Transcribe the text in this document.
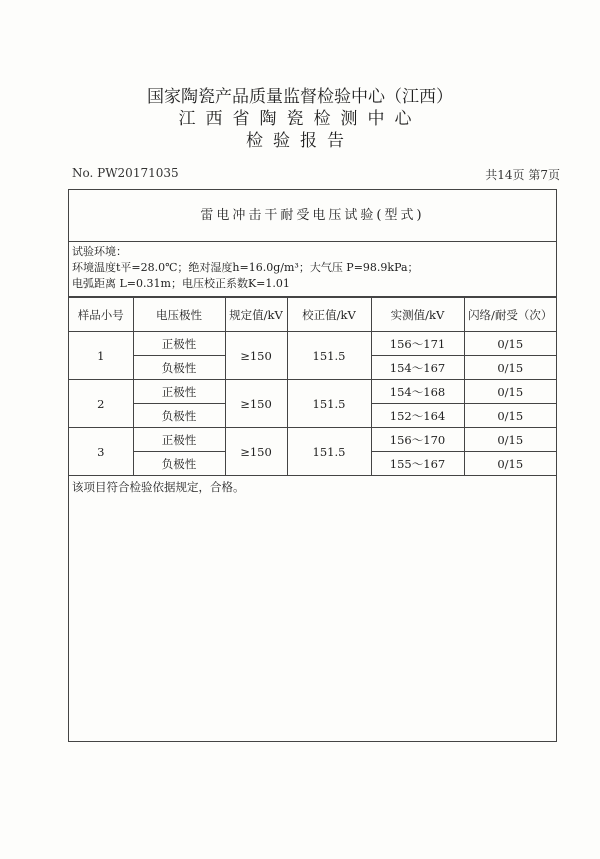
国家陶瓷产品质量监督检验中心（江西）
江西省陶瓷检测中心
检验报告
No. PW20171035	共14页 第7页
雷电冲击干耐受电压试验(型式)
试验环境：
环境温度t平=28.0℃；绝对湿度h=16.0g/m³；大气压 P=98.9kPa；
电弧距离 L=0.31m；电压校正系数K=1.01
样品小号	电压极性	规定值/kV	校正值/kV	实测值/kV	闪络/耐受（次）
1	正极性	≥150	151.5	156～171	0/15
	负极性			154～167	0/15
2	正极性	≥150	151.5	154～168	0/15
	负极性			152～164	0/15
3	正极性	≥150	151.5	156～170	0/15
	负极性			155～167	0/15
该项目符合检验依据规定，合格。
